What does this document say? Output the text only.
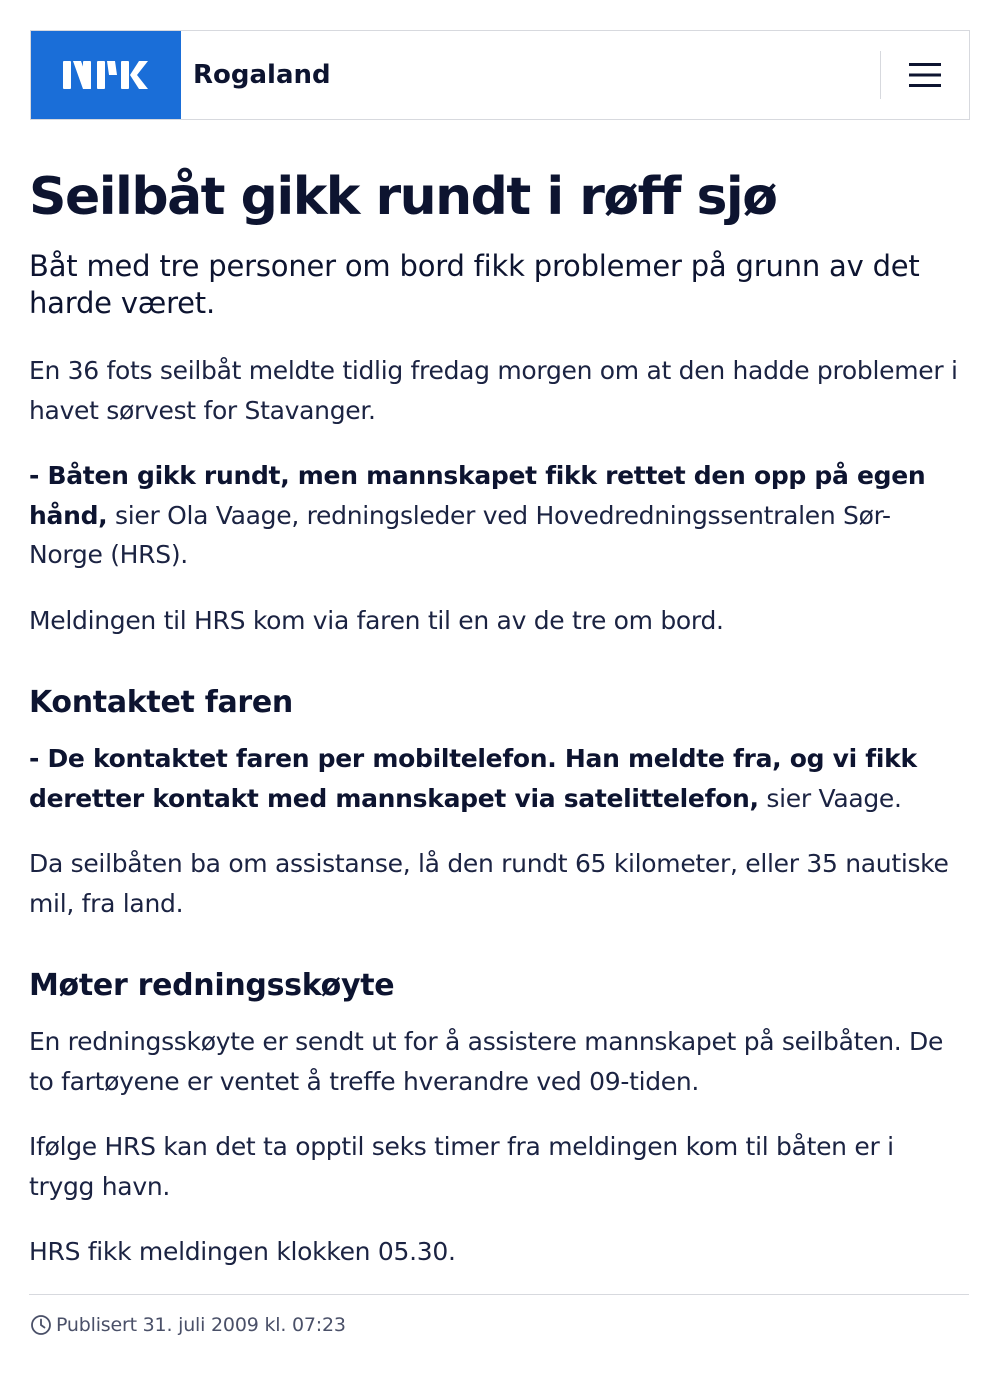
Rogaland
Seilbåt gikk rundt i røff sjø

Båt med tre personer om bord fikk problemer på grunn av det harde været.

En 36 fots seilbåt meldte tidlig fredag morgen om at den hadde problemer i havet sørvest for Stavanger.

- Båten gikk rundt, men mannskapet fikk rettet den opp på egen hånd, sier Ola Vaage, redningsleder ved Hovedredningssentralen Sør-Norge (HRS).

Meldingen til HRS kom via faren til en av de tre om bord.

Kontaktet faren

- De kontaktet faren per mobiltelefon. Han meldte fra, og vi fikk deretter kontakt med mannskapet via satelittelefon, sier Vaage.

Da seilbåten ba om assistanse, lå den rundt 65 kilometer, eller 35 nautiske mil, fra land.

Møter redningsskøyte

En redningsskøyte er sendt ut for å assistere mannskapet på seilbåten. De to fartøyene er ventet å treffe hverandre ved 09-tiden.

Ifølge HRS kan det ta opptil seks timer fra meldingen kom til båten er i trygg havn.

HRS fikk meldingen klokken 05.30.

Publisert 31. juli 2009 kl. 07:23
